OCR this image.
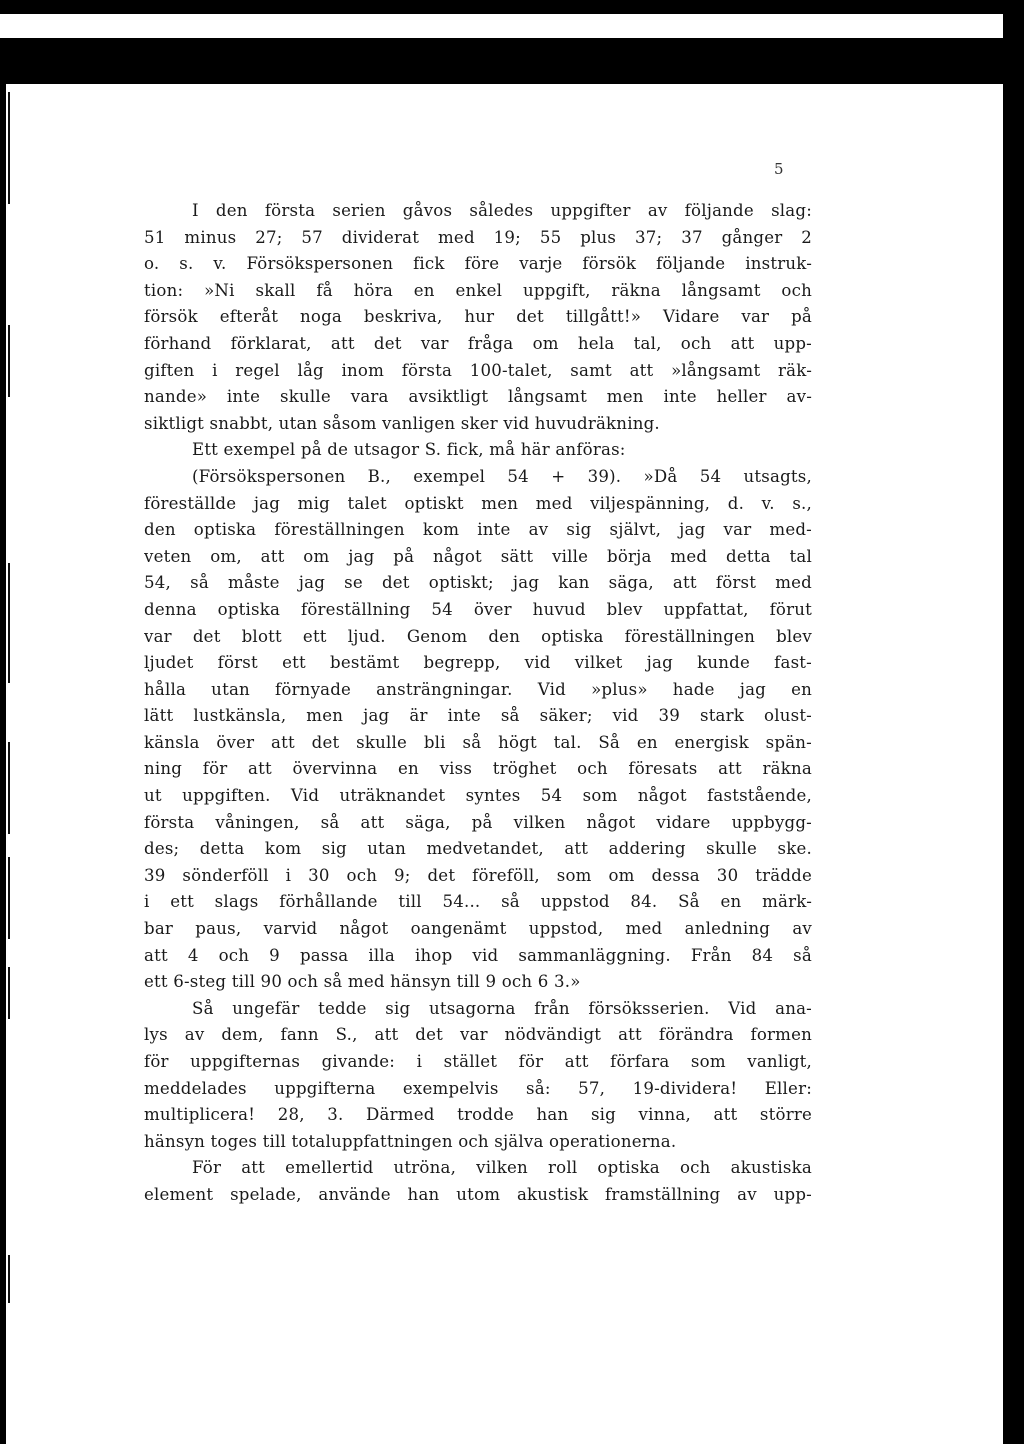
5

I den första serien gåvos således uppgifter av följande slag:
51 minus 27; 57 dividerat med 19; 55 plus 37; 37 gånger 2
o. s. v. Försökspersonen fick före varje försök följande instruk-
tion: »Ni skall få höra en enkel uppgift, räkna långsamt och
försök efteråt noga beskriva, hur det tillgått!» Vidare var på
förhand förklarat, att det var fråga om hela tal, och att upp-
giften i regel låg inom första 100-talet, samt att »långsamt räk-
nande» inte skulle vara avsiktligt långsamt men inte heller av-
siktligt snabbt, utan såsom vanligen sker vid huvudräkning.
Ett exempel på de utsagor S. fick, må här anföras:
(Försökspersonen B., exempel 54 + 39). »Då 54 utsagts,
föreställde jag mig talet optiskt men med viljespänning, d. v. s.,
den optiska föreställningen kom inte av sig självt, jag var med-
veten om, att om jag på något sätt ville börja med detta tal
54, så måste jag se det optiskt; jag kan säga, att först med
denna optiska föreställning 54 över huvud blev uppfattat, förut
var det blott ett ljud. Genom den optiska föreställningen blev
ljudet först ett bestämt begrepp, vid vilket jag kunde fast-
hålla utan förnyade ansträngningar. Vid »plus» hade jag en
lätt lustkänsla, men jag är inte så säker; vid 39 stark olust-
känsla över att det skulle bli så högt tal. Så en energisk spän-
ning för att övervinna en viss tröghet och föresats att räkna
ut uppgiften. Vid uträknandet syntes 54 som något faststående,
första våningen, så att säga, på vilken något vidare uppbygg-
des; detta kom sig utan medvetandet, att addering skulle ske.
39 sönderföll i 30 och 9; det föreföll, som om dessa 30 trädde
i ett slags förhållande till 54... så uppstod 84. Så en märk-
bar paus, varvid något oangenämt uppstod, med anledning av
att 4 och 9 passa illa ihop vid sammanläggning. Från 84 så
ett 6-steg till 90 och så med hänsyn till 9 och 6 3.»
Så ungefär tedde sig utsagorna från försöksserien. Vid ana-
lys av dem, fann S., att det var nödvändigt att förändra formen
för uppgifternas givande: i stället för att förfara som vanligt,
meddelades uppgifterna exempelvis så: 57, 19-dividera! Eller:
multiplicera! 28, 3. Därmed trodde han sig vinna, att större
hänsyn toges till totaluppfattningen och själva operationerna.
För att emellertid utröna, vilken roll optiska och akustiska
element spelade, använde han utom akustisk framställning av upp-
